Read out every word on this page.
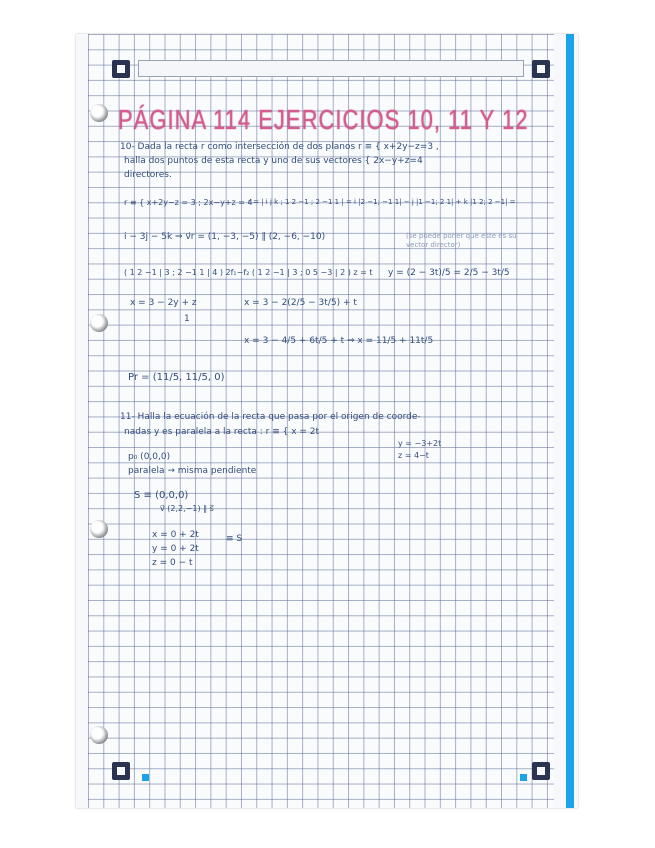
PÁGINA 114 EJERCICIOS 10, 11 Y 12
10- Dada la recta r como intersección de dos planos r ≡ { x+2y−z=3 ,
halla dos puntos de esta recta y uno de sus vectores { 2x−y+z=4
directores.
r ≡ { x+2y−z = 3 ; 2x−y+z = 4
r = | i j k ; 1 2 −1 ; 2 −1 1 | = i |2 −1; −1 1| − j |1 −1; 2 1| + k |1 2; 2 −1| =
i − 3j − 5k ⇒ v⃗r = (1, −3, −5) ∥ (2, −6, −10)	(se puede poner que este es su vector director)
( 1 2 −1 | 3 ; 2 −1 1 | 4 ) 2f₁−f₂ ( 1 2 −1 | 3 ; 0 5 −3 | 2 ) z = t y = (2 − 3t)/5 = 2/5 − 3t/5
x = 3 − 2y + z
1
x = 3 − 2(2/5 − 3t/5) + t
x = 3 − 4/5 + 6t/5 + t ⇒ x = 11/5 + 11t/5
Pr = (11/5, 11/5, 0)
11- Halla la ecuación de la recta que pasa por el origen de coorde-
nadas y es paralela a la recta : r ≡ { x = 2t
y = −3+2t
z = 4−t
p₀ (0,0,0)
paralela → misma pendiente
S ≡ (0,0,0)
v⃗ (2,2,−1) ∥ s⃗
x = 0 + 2t
y = 0 + 2t
z = 0 − t
≡ S
